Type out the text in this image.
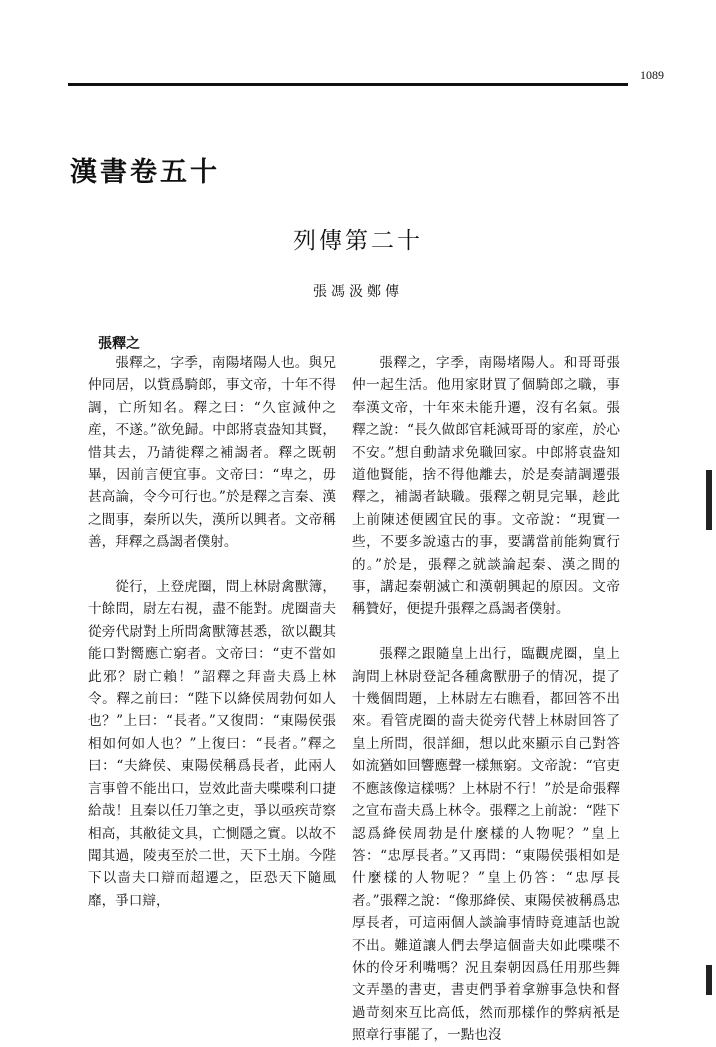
1089
漢書卷五十
列傳第二十
張馮汲鄭傳
張釋之

張釋之，字季，南陽堵陽人也。與兄仲同居，以貲爲騎郎，事文帝，十年不得調，亡所知名。釋之曰：“久宦減仲之産，不遂。”欲免歸。中郎將袁盎知其賢，惜其去，乃請徙釋之補謁者。釋之既朝畢，因前言便宜事。文帝曰：“卑之，毋甚高論，令今可行也。”於是釋之言秦、漢之間事，秦所以失，漢所以興者。文帝稱善，拜釋之爲謁者僕射。

從行，上登虎圈，問上林尉禽獸簿，十餘問，尉左右視，盡不能對。虎圈啬夫從旁代尉對上所問禽獸簿甚悉，欲以觀其能口對嚮應亡窮者。文帝曰：“吏不當如此邪？尉亡賴！”詔釋之拜啬夫爲上林令。釋之前曰：“陛下以絳侯周勃何如人也？”上曰：“長者。”又復問：“東陽侯張相如何如人也？”上復曰：“長者。”釋之曰：“夫絳侯、東陽侯稱爲長者，此兩人言事曾不能出口，豈效此啬夫喋喋利口捷給哉！且秦以任刀筆之吏，爭以亟疾苛察相高，其敝徒文具，亡惻隱之實。以故不聞其過，陵夷至於二世，天下土崩。今陛下以啬夫口辯而超遷之，臣恐天下隨風靡，爭口辯，

張釋之，字季，南陽堵陽人。和哥哥張仲一起生活。他用家財買了個騎郎之職，事奉漢文帝，十年來未能升遷，沒有名氣。張釋之說：“長久做郎官耗減哥哥的家産，於心不安。”想自動請求免職回家。中郎將袁盎知道他賢能，捨不得他離去，於是奏請調遷張釋之，補謁者缺職。張釋之朝見完畢，趁此上前陳述便國宜民的事。文帝說：“現實一些，不要多說遠古的事，要講當前能夠實行的。”於是，張釋之就談論起秦、漢之間的事，講起秦朝滅亡和漢朝興起的原因。文帝稱贊好，便提升張釋之爲謁者僕射。

張釋之跟隨皇上出行，臨觀虎圈，皇上詢問上林尉登記各種禽獸册子的情况，提了十幾個問題，上林尉左右瞧看，都回答不出來。看管虎圈的啬夫從旁代替上林尉回答了皇上所問，很詳細，想以此來顯示自己對答如流猶如回響應聲一樣無窮。文帝說：“官吏不應該像這樣嗎？上林尉不行！”於是命張釋之宣布啬夫爲上林令。張釋之上前說：“陛下認爲絳侯周勃是什麼樣的人物呢？”皇上答：“忠厚長者。”又再問：“東陽侯張相如是什麼樣的人物呢？”皇上仍答：“忠厚長者。”張釋之說：“像那絳侯、東陽侯被稱爲忠厚長者，可這兩個人談論事情時竟連話也說不出。難道讓人們去學這個啬夫如此喋喋不休的伶牙利嘴嗎？況且秦朝因爲任用那些舞文弄墨的書吏，書吏們爭着拿辦事急快和督過苛刻來互比高低，然而那樣作的弊病衹是照章行事罷了，一點也沒
